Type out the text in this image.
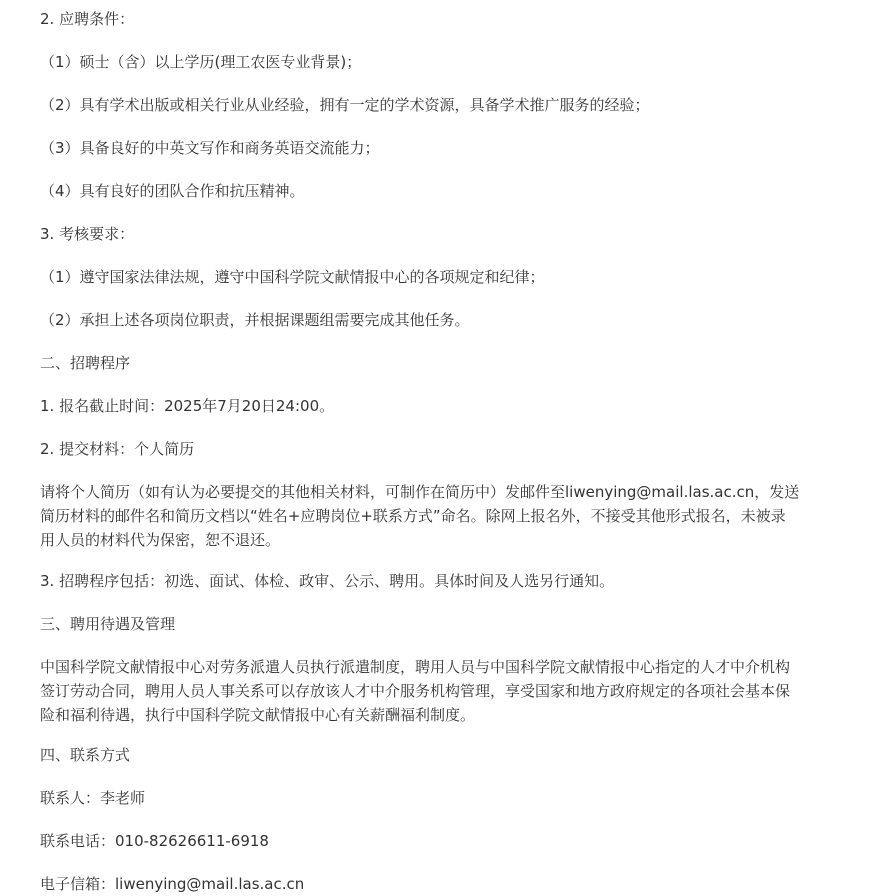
2. 应聘条件：

（1）硕士（含）以上学历(理工农医专业背景)；

（2）具有学术出版或相关行业从业经验，拥有一定的学术资源，具备学术推广服务的经验；

（3）具备良好的中英文写作和商务英语交流能力；

（4）具有良好的团队合作和抗压精神。

3. 考核要求：

（1）遵守国家法律法规，遵守中国科学院文献情报中心的各项规定和纪律；

（2）承担上述各项岗位职责，并根据课题组需要完成其他任务。

二、招聘程序

1. 报名截止时间：2025年7月20日24:00。

2. 提交材料：个人简历

请将个人简历（如有认为必要提交的其他相关材料，可制作在简历中）发邮件至liwenying@mail.las.ac.cn，发送

简历材料的邮件名和简历文档以“姓名+应聘岗位+联系方式”命名。除网上报名外，不接受其他形式报名，未被录

用人员的材料代为保密，恕不退还。

3. 招聘程序包括：初选、面试、体检、政审、公示、聘用。具体时间及人选另行通知。

三、聘用待遇及管理

中国科学院文献情报中心对劳务派遣人员执行派遣制度，聘用人员与中国科学院文献情报中心指定的人才中介机构

签订劳动合同，聘用人员人事关系可以存放该人才中介服务机构管理，享受国家和地方政府规定的各项社会基本保

险和福利待遇，执行中国科学院文献情报中心有关薪酬福利制度。

四、联系方式

联系人：李老师

联系电话：010-82626611-6918

电子信箱：liwenying@mail.las.ac.cn
